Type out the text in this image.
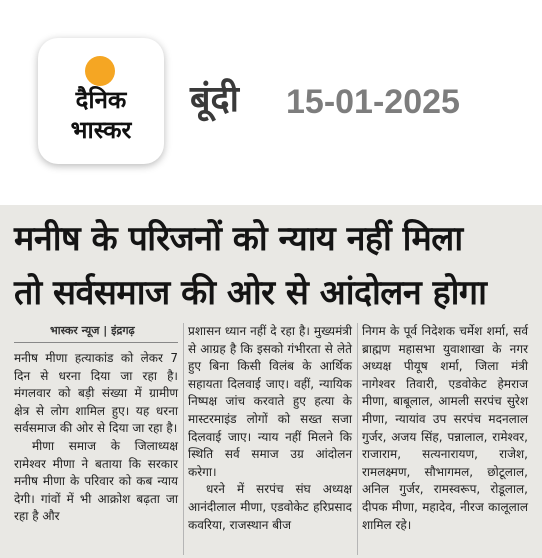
दैनिक
भास्कर
बूंदी 15-01-2025
मनीष के परिजनों को न्याय नहीं मिला
तो सर्वसमाज की ओर से आंदोलन होगा
भास्कर न्यूज | इंद्रगढ़

मनीष मीणा हत्याकांड को लेकर 7 दिन से धरना दिया जा रहा है। मंगलवार को बड़ी संख्या में ग्रामीण क्षेत्र से लोग शामिल हुए। यह धरना सर्वसमाज की ओर से दिया जा रहा है।

मीणा समाज के जिलाध्यक्ष रामेश्वर मीणा ने बताया कि सरकार मनीष मीणा के परिवार को कब न्याय देगी। गांवों में भी आक्रोश बढ़ता जा रहा है और

प्रशासन ध्यान नहीं दे रहा है। मुख्यमंत्री से आग्रह है कि इसको गंभीरता से लेते हुए बिना किसी विलंब के आर्थिक सहायता दिलवाई जाए। वहीं, न्यायिक निष्पक्ष जांच करवाते हुए हत्या के मास्टरमाइंड लोगों को सख्त सजा दिलवाई जाए। न्याय नहीं मिलने कि स्थिति सर्व समाज उग्र आंदोलन करेगा।

धरने में सरपंच संघ अध्यक्ष आनंदीलाल मीणा, एडवोकेट हरिप्रसाद कवरिया, राजस्थान बीज

निगम के पूर्व निदेशक चर्मेश शर्मा, सर्व ब्राह्मण महासभा युवाशाखा के नगर अध्यक्ष पीयूष शर्मा, जिला मंत्री नागेश्वर तिवारी, एडवोकेट हेमराज मीणा, बाबूलाल, आमली सरपंच सुरेश मीणा, न्यायांव उप सरपंच मदनलाल गुर्जर, अजय सिंह, पन्नालाल, रामेश्वर, राजाराम, सत्यनारायण, राजेश, रामलक्ष्मण, सौभागमल, छोटूलाल, अनिल गुर्जर, रामस्वरूप, रोडूलाल, दीपक मीणा, महादेव, नीरज कालूलाल शामिल रहे।
